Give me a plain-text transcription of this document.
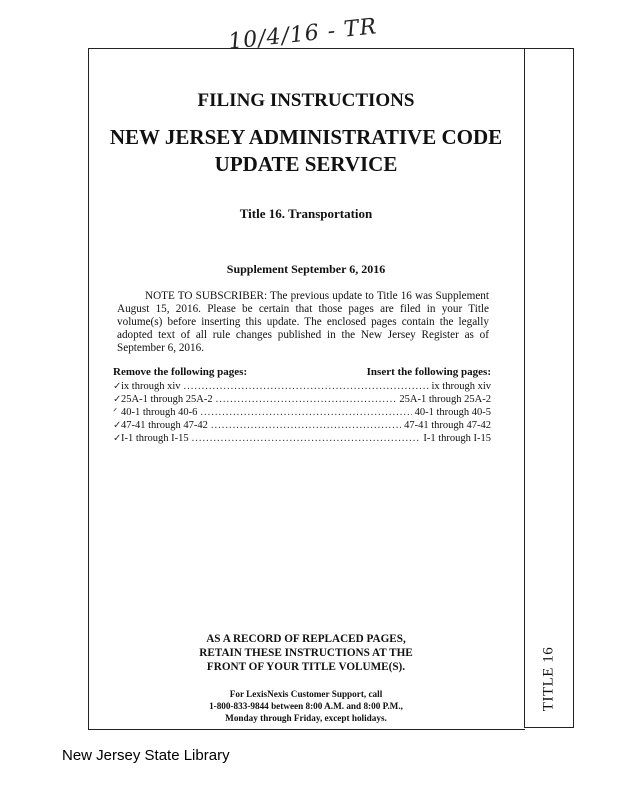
10/4/16 - TR
TITLE 16
FILING INSTRUCTIONS
NEW JERSEY ADMINISTRATIVE CODE
UPDATE SERVICE
Title 16. Transportation
Supplement September 6, 2016
NOTE TO SUBSCRIBER: The previous update to Title 16 was Supplement August 15, 2016. Please be certain that those pages are filed in your Title volume(s) before inserting this update. The enclosed pages contain the legally adopted text of all rule changes published in the New Jersey Register as of September 6, 2016.
Remove the following pages:	Insert the following pages:
✓ ix through xiv .....	ix through xiv
✓ 25A-1 through 25A-2 .....	25A-1 through 25A-2
ᐟ 40-1 through 40-6 .....	40-1 through 40-5
✓ 47-41 through 47-42 .....	47-41 through 47-42
✓ I-1 through I-15 .....	I-1 through I-15
AS A RECORD OF REPLACED PAGES,
RETAIN THESE INSTRUCTIONS AT THE
FRONT OF YOUR TITLE VOLUME(S).
For LexisNexis Customer Support, call
1-800-833-9844 between 8:00 A.M. and 8:00 P.M.,
Monday through Friday, except holidays.
New Jersey State Library
